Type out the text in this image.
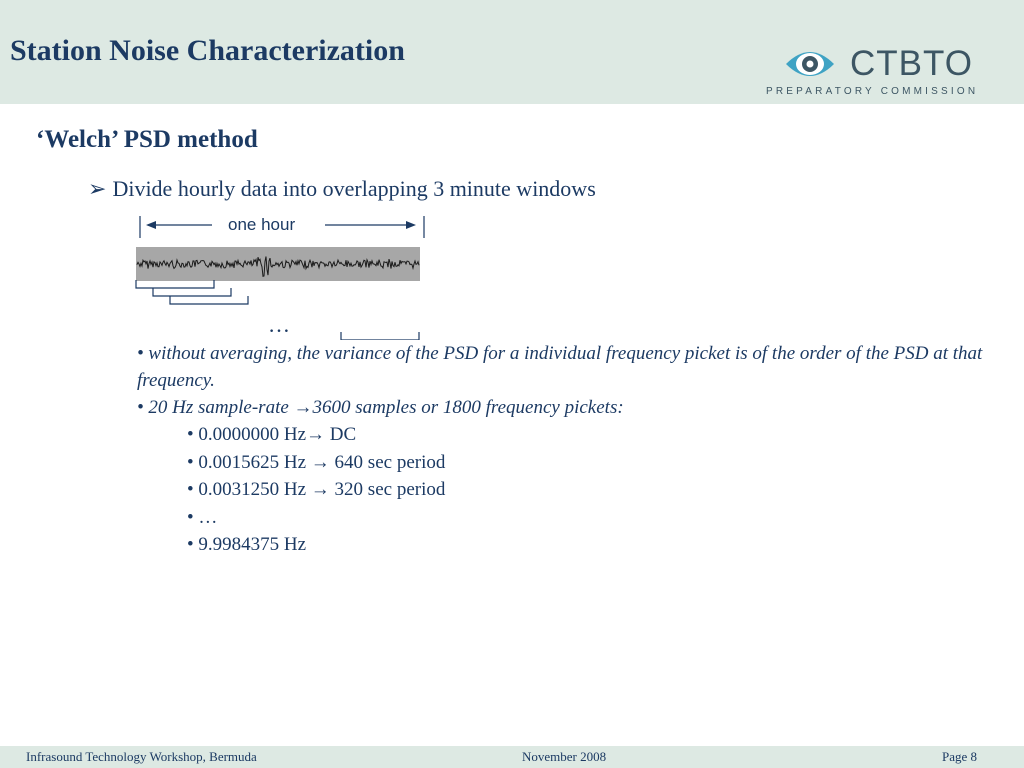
Station Noise Characterization	CTBTO
PREPARATORY COMMISSION
‘Welch’ PSD method
➢ Divide hourly data into overlapping 3 minute windows
one hour
…

• without averaging, the variance of the PSD for a individual frequency picket is of the order of the PSD at that frequency.

• 20 Hz sample-rate →3600 samples or 1800 frequency pickets:

• 0.0000000 Hz→ DC
• 0.0015625 Hz → 640 sec period
• 0.0031250 Hz → 320 sec period
• …
• 9.9984375 Hz
Infrasound Technology Workshop, Bermuda	November 2008	Page 8
